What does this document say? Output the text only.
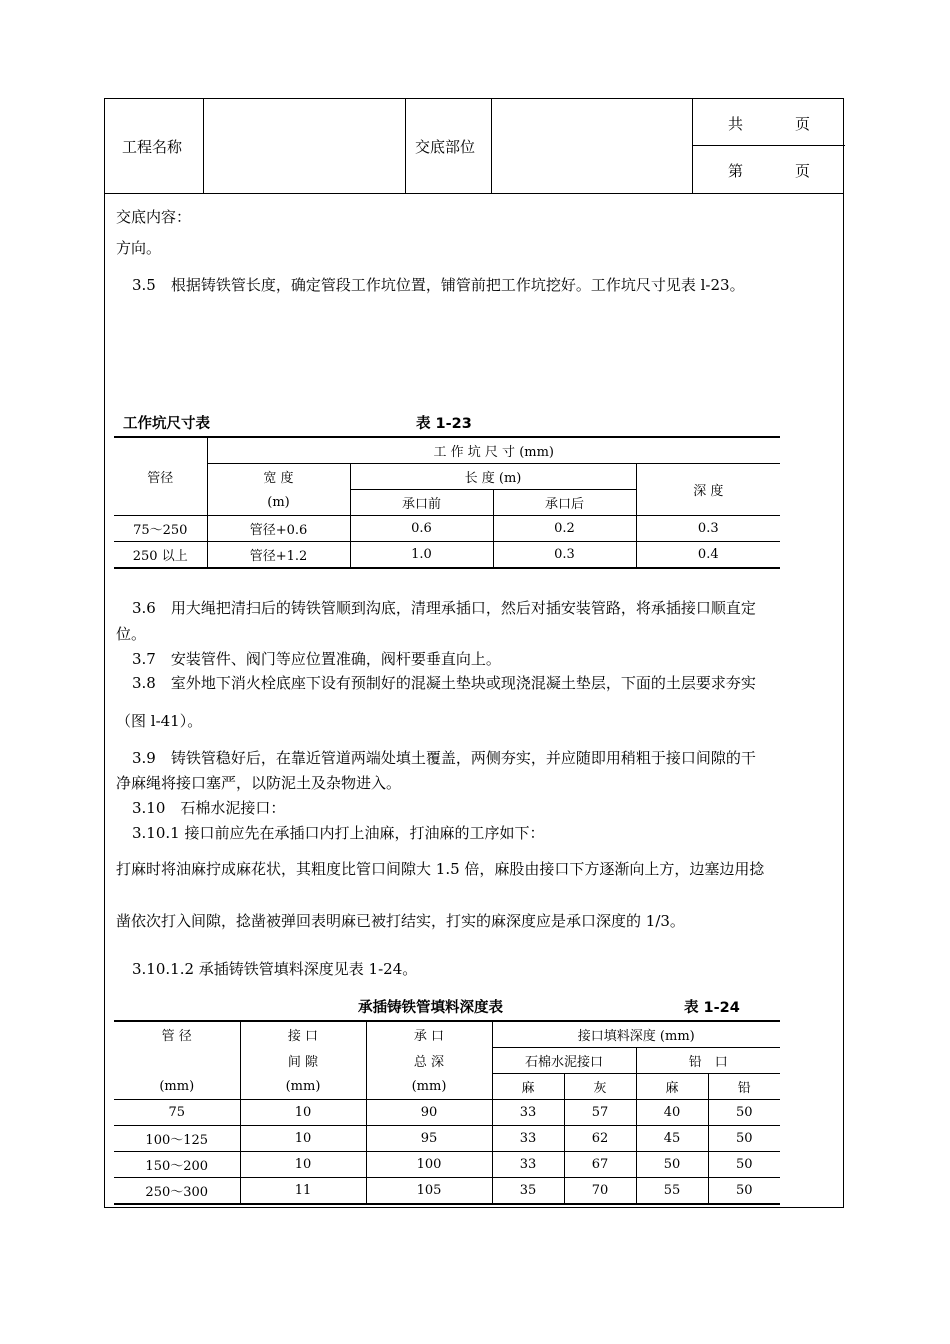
工程名称	交底部位
共	页
第	页
交底内容：
方向。
3.5　根据铸铁管长度，确定管段工作坑位置，铺管前把工作坑挖好。工作坑尺寸见表 l-23。
工作坑尺寸表	表 1-23
管径	工 作 坑 尺 寸 (mm)			
	宽 度	长 度 (m)		深 度
	(m)	承口前	承口后	
75～250	管径+0.6	0.6	0.2	0.3
250 以上	管径+1.2	1.0	0.3	0.4
3.6　用大绳把清扫后的铸铁管顺到沟底，清理承插口，然后对插安装管路，将承插接口顺直定
位。
3.7　安装管件、阀门等应位置准确，阀杆要垂直向上。
3.8　室外地下消火栓底座下设有预制好的混凝土垫块或现浇混凝土垫层，下面的土层要求夯实
（图 l-41）。
3.9　铸铁管稳好后，在靠近管道两端处填土覆盖，两侧夯实，并应随即用稍粗于接口间隙的干
净麻绳将接口塞严，以防泥土及杂物进入。
3.10　石棉水泥接口：
3.10.1 接口前应先在承插口内打上油麻，打油麻的工序如下：
打麻时将油麻拧成麻花状，其粗度比管口间隙大 1.5 倍，麻股由接口下方逐渐向上方，边塞边用捻
凿依次打入间隙，捻凿被弹回表明麻已被打结实，打实的麻深度应是承口深度的 1/3。
3.10.1.2 承插铸铁管填料深度见表 1-24。
承插铸铁管填料深度表	表 1-24
管 径	接 口	承 口	接口填料深度 (mm)			
	间 隙	总 深	石棉水泥接口		铅　口	
(mm)	(mm)	(mm)	麻	灰	麻	铅
75	10	90	33	57	40	50
100～125	10	95	33	62	45	50
150～200	10	100	33	67	50	50
250～300	11	105	35	70	55	50
